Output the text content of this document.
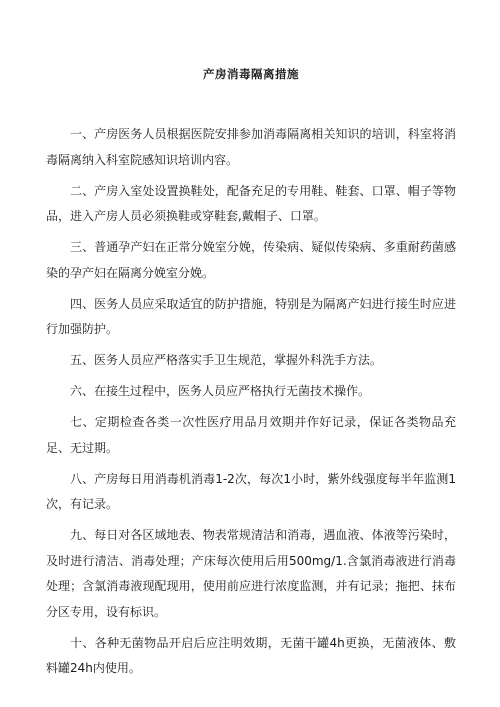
产房消毒隔离措施

一、产房医务人员根据医院安排参加消毒隔离相关知识的培训，科室将消毒隔离纳入科室院感知识培训内容。

二、产房入室处设置换鞋处，配备充足的专用鞋、鞋套、口罩、帽子等物品，进入产房人员必须换鞋或穿鞋套,戴帽子、口罩。

三、普通孕产妇在正常分娩室分娩，传染病、疑似传染病、多重耐药菌感染的孕产妇在隔离分娩室分娩。

四、医务人员应采取适宜的防护措施，特别是为隔离产妇进行接生时应进行加强防护。

五、医务人员应严格落实手卫生规范，掌握外科洗手方法。

六、在接生过程中，医务人员应严格执行无菌技术操作。

七、定期检查各类一次性医疗用品月效期并作好记录，保证各类物品充足、无过期。

八、产房每日用消毒机消毒1-2次，每次1小时，紫外线强度每半年监测1次，有记录。

九、每日对各区域地表、物表常规清洁和消毒，遇血液、体液等污染时，及时进行清洁、消毒处理；产床每次使用后用500mg/1.含氯消毒液进行消毒处理；含氯消毒液现配现用，使用前应进行浓度监测，并有记录；拖把、抹布分区专用，设有标识。

十、各种无菌物品开启后应注明效期，无菌干罐4h更换，无菌液体、敷料罐24h内使用。
